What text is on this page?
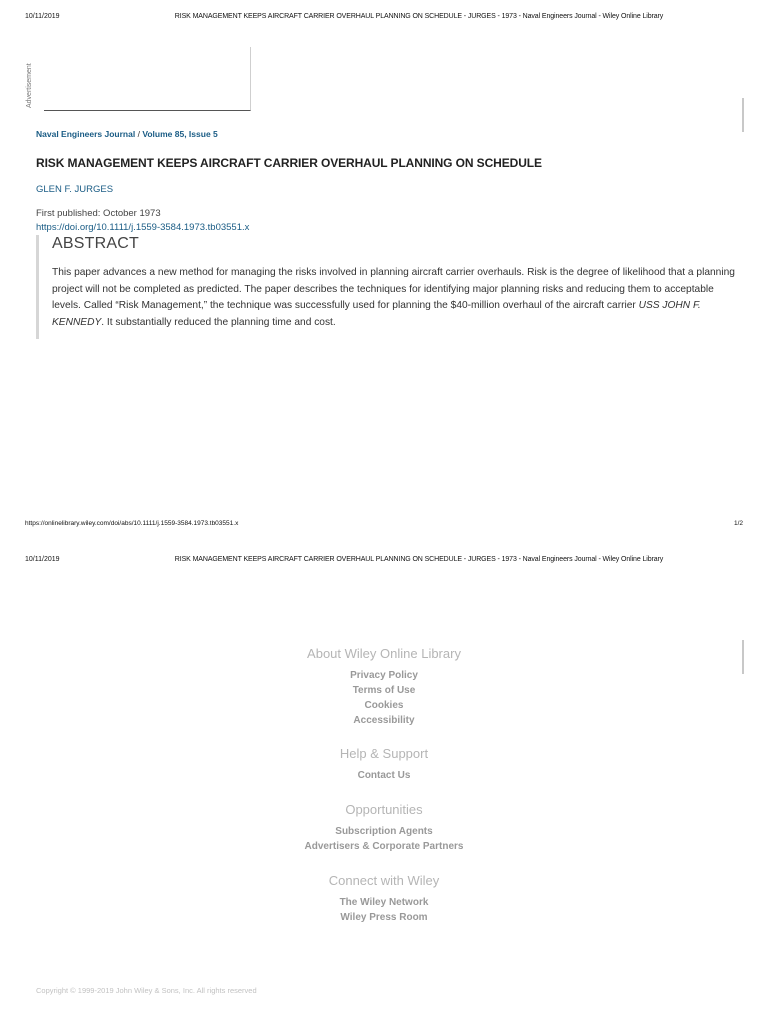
10/11/2019	RISK MANAGEMENT KEEPS AIRCRAFT CARRIER OVERHAUL PLANNING ON SCHEDULE - JURGES - 1973 - Naval Engineers Journal - Wiley Online Library
Advertisement
Naval Engineers Journal / Volume 85, Issue 5
RISK MANAGEMENT KEEPS AIRCRAFT CARRIER OVERHAUL PLANNING ON SCHEDULE
GLEN F. JURGES
First published: October 1973
https://doi.org/10.1111/j.1559-3584.1973.tb03551.x
ABSTRACT

This paper advances a new method for managing the risks involved in planning aircraft carrier overhauls. Risk is the degree of likelihood that a planning project will not be completed as predicted. The paper describes the techniques for identifying major planning risks and reducing them to acceptable levels. Called “Risk Management,” the technique was successfully used for planning the $40-million overhaul of the aircraft carrier USS JOHN F. KENNEDY. It substantially reduced the planning time and cost.

https://onlinelibrary.wiley.com/doi/abs/10.1111/j.1559-3584.1973.tb03551.x	1/2
10/11/2019	RISK MANAGEMENT KEEPS AIRCRAFT CARRIER OVERHAUL PLANNING ON SCHEDULE - JURGES - 1973 - Naval Engineers Journal - Wiley Online Library
About Wiley Online Library
Privacy Policy
Terms of Use
Cookies
Accessibility
Help & Support
Contact Us
Opportunities
Subscription Agents
Advertisers & Corporate Partners
Connect with Wiley
The Wiley Network
Wiley Press Room
Copyright © 1999-2019 John Wiley & Sons, Inc. All rights reserved
